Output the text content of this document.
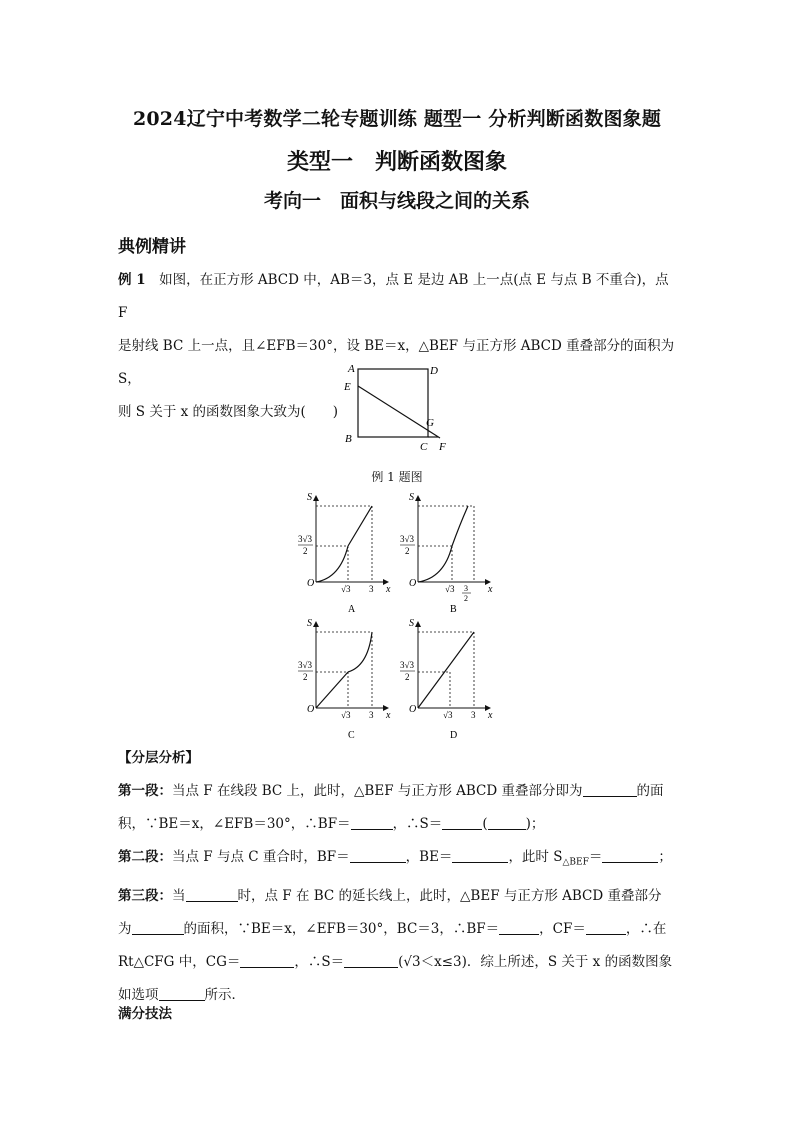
2024辽宁中考数学二轮专题训练 题型一 分析判断函数图象题
类型一　判断函数图象
考向一　面积与线段之间的关系
典例精讲
例 1　 如图，在正方形 ABCD 中，AB＝3，点 E 是边 AB 上一点(点 E 与点 B 不重合)，点 F
是射线 BC 上一点，且∠EFB＝30°，设 BE＝x，△BEF 与正方形 ABCD 重叠部分的面积为 S，
则 S 关于 x 的函数图象大致为(　　)
A	D
E
G
B
C F
例 1 题图
S
O
x
3√3
2
√3 3
A
S
O
x
3√3
2
√3 3
2
B
S
O
x
3√3
2
√3 3
C
S
O
x
3√3
2
√3 3
D
【分层分析】
第一段：当点 F 在线段 BC 上，此时，△BEF 与正方形 ABCD 重叠部分即为	的面
积，∵BE＝x，∠EFB＝30°，∴BF＝	，∴S＝	(	)；
第二段：当点 F 与点 C 重合时，BF＝	，BE＝	，此时 $S_{\triangle BEF}=$	；
第三段：当	时，点 F 在 BC 的延长线上，此时，△BEF 与正方形 ABCD 重叠部分
为	的面积，∵BE＝x，∠EFB＝30°，BC＝3，∴BF＝	，CF＝	，∴在
Rt△CFG 中，CG＝	，∴S＝	(√3＜x≤3)．综上所述，S 关于 x 的函数图象
如选项	所示．
满分技法
